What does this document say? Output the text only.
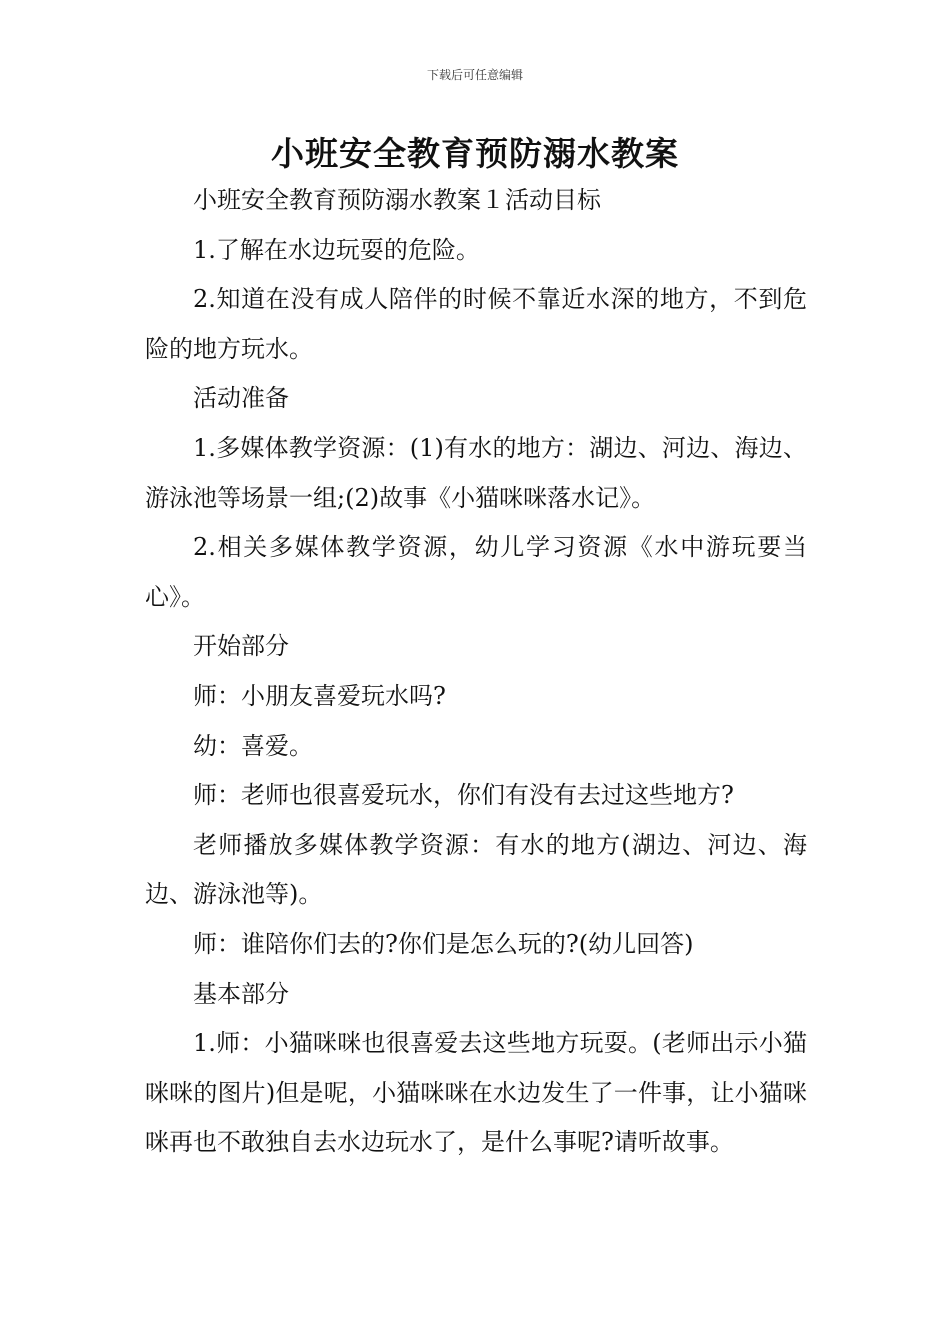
下载后可任意编辑
小班安全教育预防溺水教案

小班安全教育预防溺水教案１活动目标

1.了解在水边玩耍的危险。

2.知道在没有成人陪伴的时候不靠近水深的地方，不到危险的地方玩水。

活动准备

1.多媒体教学资源：(1)有水的地方：湖边、河边、海边、游泳池等场景一组;(2)故事《小猫咪咪落水记》。

2.相关多媒体教学资源，幼儿学习资源《水中游玩要当心》。

开始部分

师：小朋友喜爱玩水吗?

幼：喜爱。

师：老师也很喜爱玩水，你们有没有去过这些地方?

老师播放多媒体教学资源：有水的地方(湖边、河边、海边、游泳池等)。

师：谁陪你们去的?你们是怎么玩的?(幼儿回答)

基本部分

1.师：小猫咪咪也很喜爱去这些地方玩耍。(老师出示小猫咪咪的图片)但是呢，小猫咪咪在水边发生了一件事，让小猫咪咪再也不敢独自去水边玩水了，是什么事呢?请听故事。
